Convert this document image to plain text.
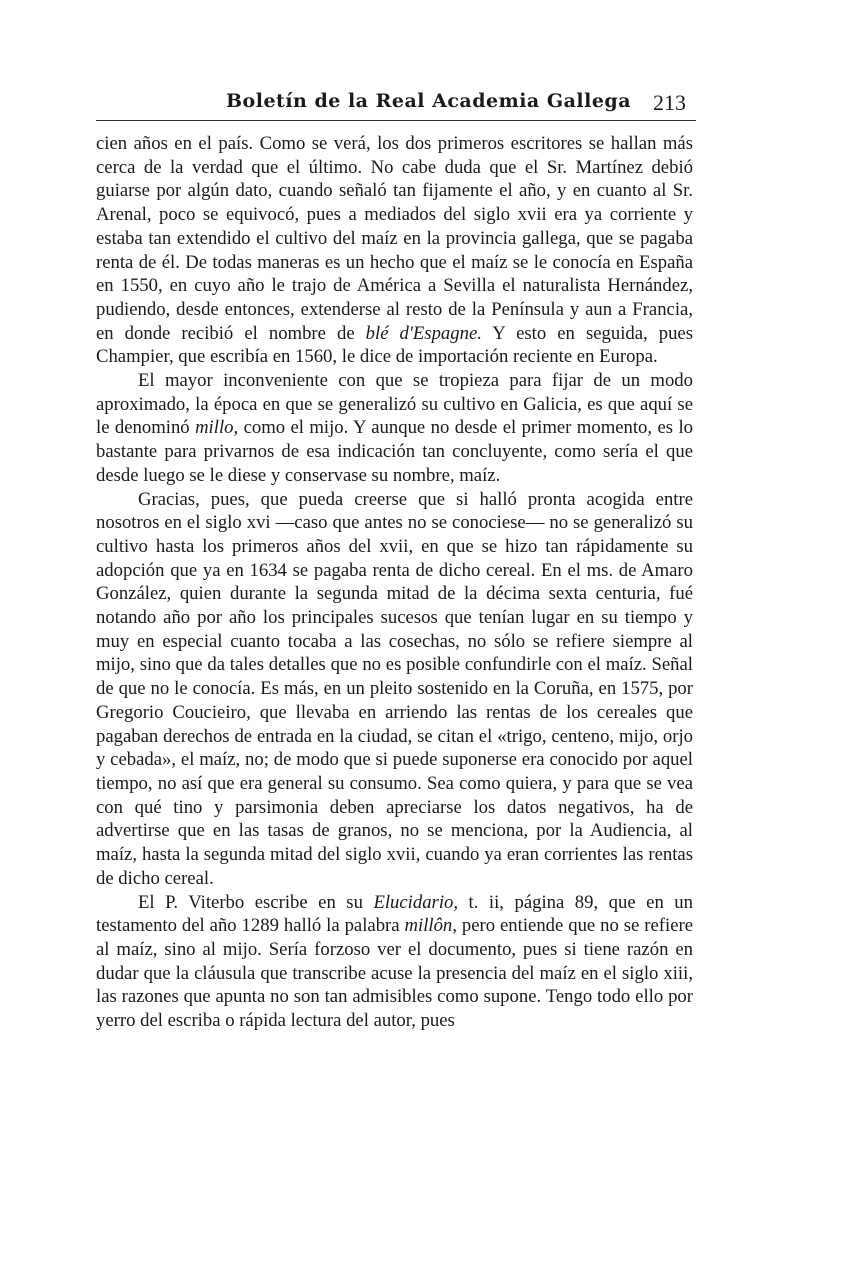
Boletín de la Real Academia Gallega 213

cien años en el país. Como se verá, los dos primeros escritores se hallan más cerca de la verdad que el último. No cabe duda que el Sr. Martínez debió guiarse por algún dato, cuando señaló tan fijamente el año, y en cuanto al Sr. Arenal, poco se equivocó, pues a mediados del siglo xvii era ya corriente y estaba tan extendido el cultivo del maíz en la provincia gallega, que se pagaba renta de él. De todas maneras es un hecho que el maíz se le conocía en España en 1550, en cuyo año le trajo de América a Sevilla el naturalista Hernández, pudiendo, desde entonces, extenderse al resto de la Península y aun a Francia, en donde recibió el nombre de blé d'Espagne. Y esto en seguida, pues Champier, que escribía en 1560, le dice de importación reciente en Europa.

El mayor inconveniente con que se tropieza para fijar de un modo aproximado, la época en que se generalizó su cultivo en Galicia, es que aquí se le denominó millo, como el mijo. Y aunque no desde el primer momento, es lo bastante para privarnos de esa indicación tan concluyente, como sería el que desde luego se le diese y conservase su nombre, maíz.

Gracias, pues, que pueda creerse que si halló pronta acogida entre nosotros en el siglo xvi —caso que antes no se conociese— no se generalizó su cultivo hasta los primeros años del xvii, en que se hizo tan rápidamente su adopción que ya en 1634 se pagaba renta de dicho cereal. En el ms. de Amaro González, quien durante la segunda mitad de la décima sexta centuria, fué notando año por año los principales sucesos que tenían lugar en su tiempo y muy en especial cuanto tocaba a las cosechas, no sólo se refiere siempre al mijo, sino que da tales detalles que no es posible confundirle con el maíz. Señal de que no le conocía. Es más, en un pleito sostenido en la Coruña, en 1575, por Gregorio Coucieiro, que llevaba en arriendo las rentas de los cereales que pagaban derechos de entrada en la ciudad, se citan el «trigo, centeno, mijo, orjo y cebada», el maíz, no; de modo que si puede suponerse era conocido por aquel tiempo, no así que era general su consumo. Sea como quiera, y para que se vea con qué tino y parsimonia deben apreciarse los datos negativos, ha de advertirse que en las tasas de granos, no se menciona, por la Audiencia, al maíz, hasta la segunda mitad del siglo xvii, cuando ya eran corrientes las rentas de dicho cereal.

El P. Viterbo escribe en su Elucidario, t. ii, página 89, que en un testamento del año 1289 halló la palabra millôn, pero entiende que no se refiere al maíz, sino al mijo. Sería forzoso ver el documento, pues si tiene razón en dudar que la cláusula que transcribe acuse la presencia del maíz en el siglo xiii, las razones que apunta no son tan admisibles como supone. Tengo todo ello por yerro del escriba o rápida lectura del autor, pues
